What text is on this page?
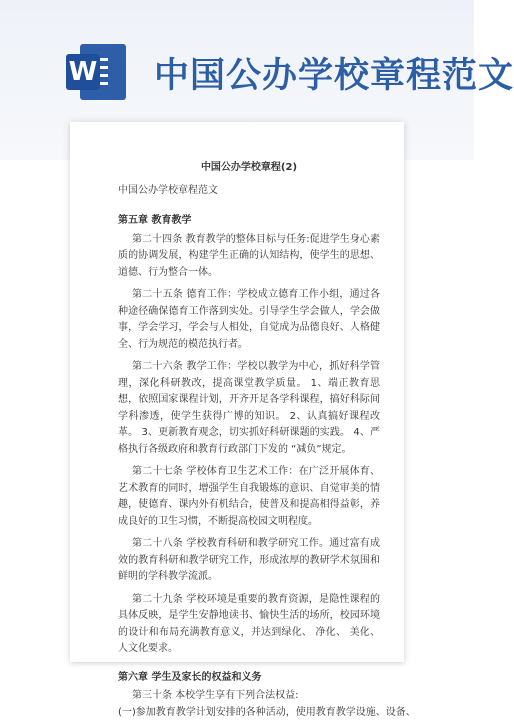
W 中国公办学校章程范文
中国公办学校章程(2)
中国公办学校章程范文
第五章 教育教学

第二十四条 教育教学的整体目标与任务:促进学生身心素质的协调发展，构建学生正确的认知结构，使学生的思想、道德、行为整合一体。

第二十五条 德育工作：学校成立德育工作小组，通过各种途径确保德育工作落到实处。引导学生学会做人，学会做事，学会学习，学会与人相处，自觉成为品德良好、人格健全、行为规范的模范执行者。

第二十六条 教学工作：学校以教学为中心，抓好科学管理，深化科研教改，提高课堂教学质量。 1、端正教育思想，依照国家课程计划，开齐开足各学科课程，搞好科际间学科渗透，使学生获得广博的知识。 2、认真搞好课程改革。 3、更新教育观念，切实抓好科研课题的实践。 4、严格执行各级政府和教育行政部门下发的 “减负”规定。

第二十七条 学校体育卫生艺术工作：在广泛开展体育、 艺术教育的同时，增强学生自我锻炼的意识、自觉审美的情趣，使德育、课内外有机结合，使普及和提高相得益彰，养成良好的卫生习惯，不断提高校园文明程度。

第二十八条 学校教育科研和教学研究工作。通过富有成效的教育科研和教学研究工作，形成浓厚的教研学术氛围和鲜明的学科教学流派。

第二十九条 学校环境是重要的教育资源，是隐性课程的具体反映，是学生安静地读书、愉快生活的场所，校园环境的设计和布局充满教育意义，并达到绿化、 净化、 美化、人文化要求。

第六章 学生及家长的权益和义务

第三十条 本校学生享有下列合法权益:

(一)参加教育教学计划安排的各种活动，使用教育教学设施、设备、
